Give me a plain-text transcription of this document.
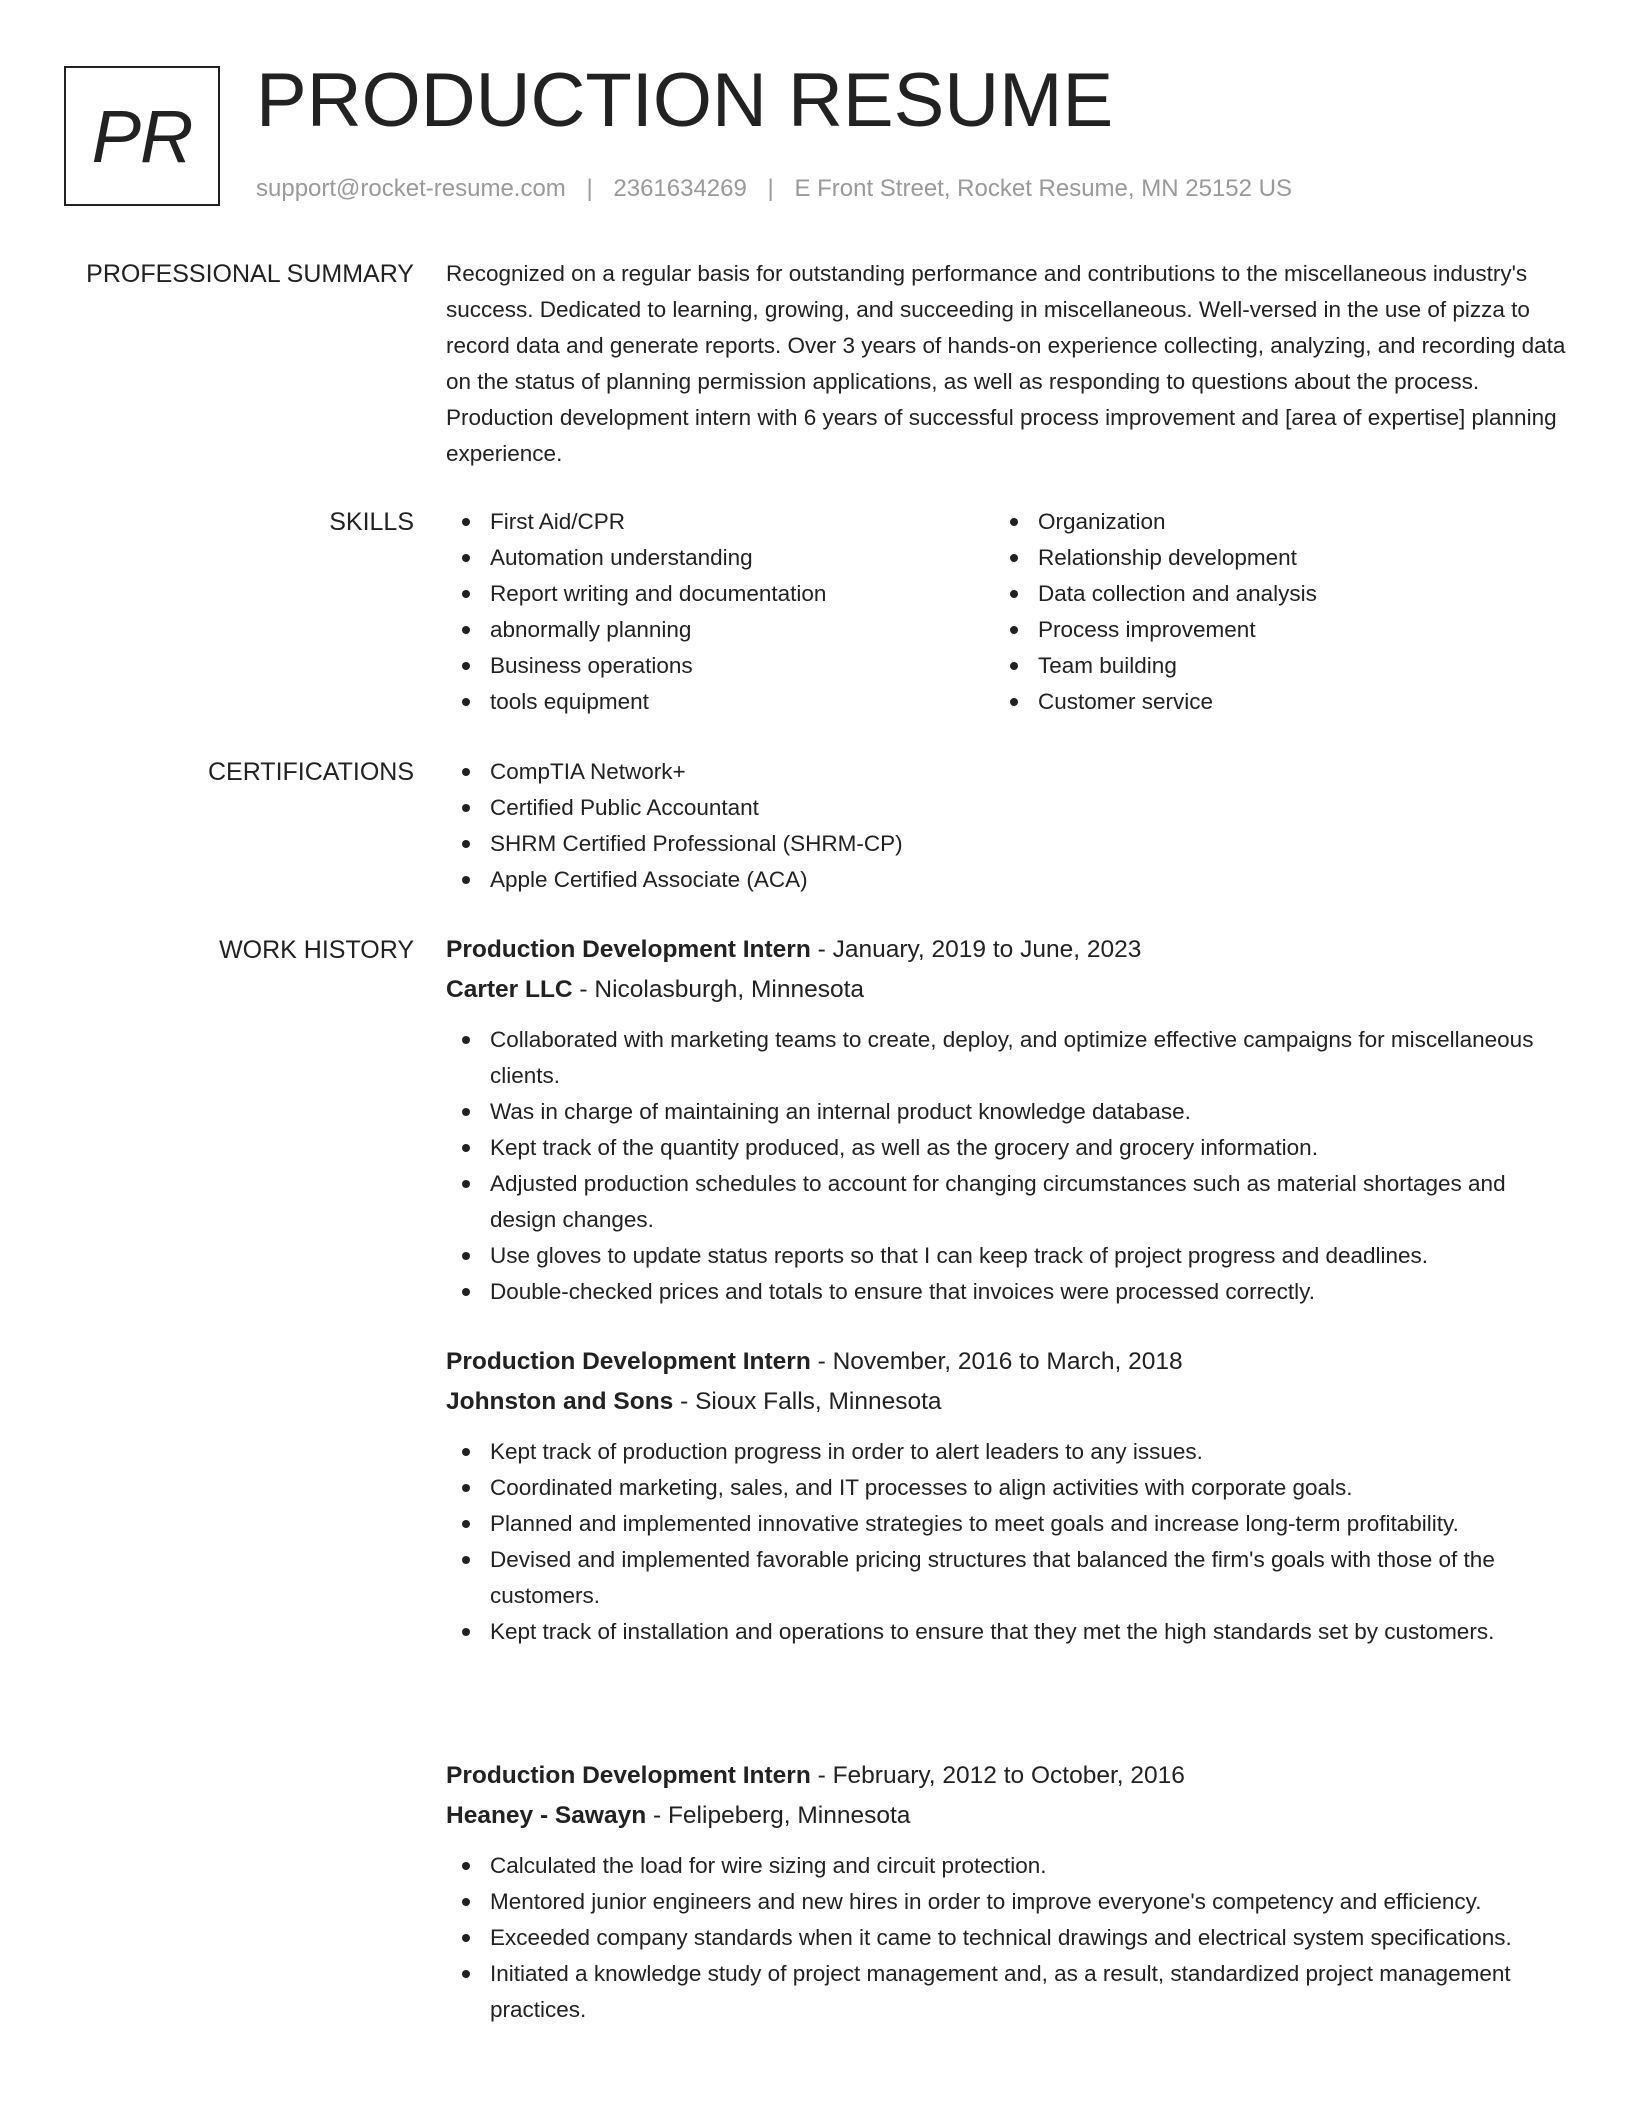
PR PRODUCTION RESUME
support@rocket-resume.com | 2361634269 | E Front Street, Rocket Resume, MN 25152 US
PROFESSIONAL SUMMARY Recognized on a regular basis for outstanding performance and contributions to the miscellaneous industry's success. Dedicated to learning, growing, and succeeding in miscellaneous. Well-versed in the use of pizza to record data and generate reports. Over 3 years of hands-on experience collecting, analyzing, and recording data on the status of planning permission applications, as well as responding to questions about the process. Production development intern with 6 years of successful process improvement and [area of expertise] planning experience.

SKILLS	First Aid/CPR
Automation understanding
Report writing and documentation
abnormally planning
Business operations
tools equipment
Organization
Relationship development
Data collection and analysis
Process improvement
Team building
Customer service
CERTIFICATIONS	CompTIA Network+
Certified Public Accountant
SHRM Certified Professional (SHRM-CP)
Apple Certified Associate (ACA)
WORK HISTORY Production Development Intern - January, 2019 to June, 2023
Carter LLC - Nicolasburgh, Minnesota
Collaborated with marketing teams to create, deploy, and optimize effective campaigns for miscellaneous clients.
Was in charge of maintaining an internal product knowledge database.
Kept track of the quantity produced, as well as the grocery and grocery information.
Adjusted production schedules to account for changing circumstances such as material shortages and design changes.
Use gloves to update status reports so that I can keep track of project progress and deadlines.
Double-checked prices and totals to ensure that invoices were processed correctly.
Production Development Intern - November, 2016 to March, 2018
Johnston and Sons - Sioux Falls, Minnesota
Kept track of production progress in order to alert leaders to any issues.
Coordinated marketing, sales, and IT processes to align activities with corporate goals.
Planned and implemented innovative strategies to meet goals and increase long-term profitability.
Devised and implemented favorable pricing structures that balanced the firm's goals with those of the customers.
Kept track of installation and operations to ensure that they met the high standards set by customers.
Production Development Intern - February, 2012 to October, 2016
Heaney - Sawayn - Felipeberg, Minnesota
Calculated the load for wire sizing and circuit protection.
Mentored junior engineers and new hires in order to improve everyone's competency and efficiency.
Exceeded company standards when it came to technical drawings and electrical system specifications.
Initiated a knowledge study of project management and, as a result, standardized project management practices.
